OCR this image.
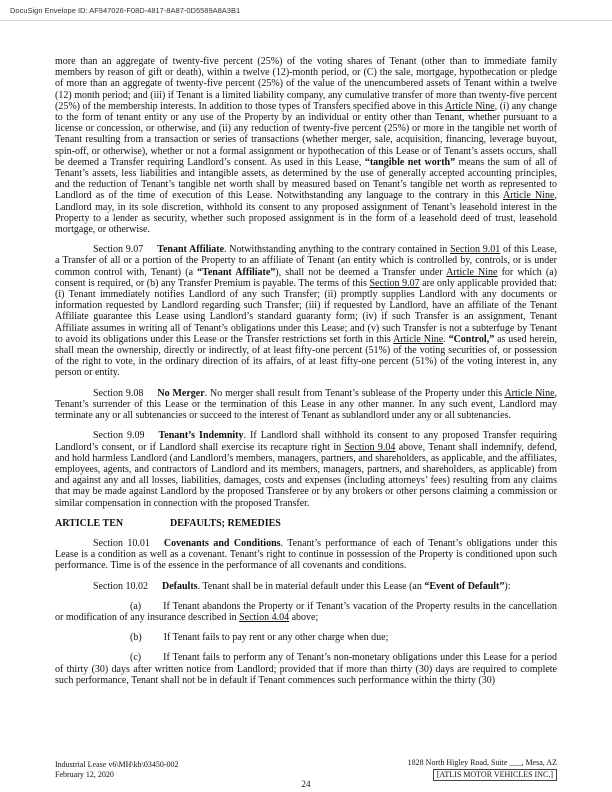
DocuSign Envelope ID: AF947026-F08D-4817-8A87-0D5589A8A3B1

more than an aggregate of twenty-five percent (25%) of the voting shares of Tenant (other than to immediate family members by reason of gift or death), within a twelve (12)-month period, or (C) the sale, mortgage, hypothecation or pledge of more than an aggregate of twenty-five percent (25%) of the value of the unencumbered assets of Tenant within a twelve (12) month period; and (iii) if Tenant is a limited liability company, any cumulative transfer of more than twenty-five percent (25%) of the membership interests. In addition to those types of Transfers specified above in this Article Nine, (i) any change to the form of tenant entity or any use of the Property by an individual or entity other than Tenant, whether pursuant to a license or concession, or otherwise, and (ii) any reduction of twenty-five percent (25%) or more in the tangible net worth of Tenant resulting from a transaction or series of transactions (whether merger, sale, acquisition, financing, leverage buyout, spin-off, or otherwise), whether or not a formal assignment or hypothecation of this Lease or of Tenant’s assets occurs, shall be deemed a Transfer requiring Landlord’s consent. As used in this Lease, “tangible net worth” means the sum of all of Tenant’s assets, less liabilities and intangible assets, as determined by the use of generally accepted accounting principles, and the reduction of Tenant’s tangible net worth shall by measured based on Tenant’s tangible net worth as represented to Landlord as of the time of execution of this Lease. Notwithstanding any language to the contrary in this Article Nine, Landlord may, in its sole discretion, withhold its consent to any proposed assignment of Tenant’s leasehold interest in the Property to a lender as security, whether such proposed assignment is in the form of a leasehold deed of trust, leasehold mortgage, or otherwise.

Section 9.07 Tenant Affiliate. Notwithstanding anything to the contrary contained in Section 9.01 of this Lease, a Transfer of all or a portion of the Property to an affiliate of Tenant (an entity which is controlled by, controls, or is under common control with, Tenant) (a “Tenant Affiliate”), shall not be deemed a Transfer under Article Nine for which (a) consent is required, or (b) any Transfer Premium is payable. The terms of this Section 9.07 are only applicable provided that: (i) Tenant immediately notifies Landlord of any such Transfer; (ii) promptly supplies Landlord with any documents or information requested by Landlord regarding such Transfer; (iii) if requested by Landlord, have an affiliate of the Tenant Affiliate guarantee this Lease using Landlord’s standard guaranty form; (iv) if such Transfer is an assignment, Tenant Affiliate assumes in writing all of Tenant’s obligations under this Lease; and (v) such Transfer is not a subterfuge by Tenant to avoid its obligations under this Lease or the Transfer restrictions set forth in this Article Nine. “Control,” as used herein, shall mean the ownership, directly or indirectly, of at least fifty-one percent (51%) of the voting securities of, or possession of the right to vote, in the ordinary direction of its affairs, of at least fifty-one percent (51%) of the voting interest in, any person or entity.

Section 9.08 No Merger. No merger shall result from Tenant’s sublease of the Property under this Article Nine, Tenant’s surrender of this Lease or the termination of this Lease in any other manner. In any such event, Landlord may terminate any or all subtenancies or succeed to the interest of Tenant as sublandlord under any or all subtenancies.

Section 9.09 Tenant’s Indemnity. If Landlord shall withhold its consent to any proposed Transfer requiring Landlord’s consent, or if Landlord shall exercise its recapture right in Section 9.04 above, Tenant shall indemnify, defend, and hold harmless Landlord (and Landlord’s members, managers, partners, and shareholders, as applicable, and the affiliates, employees, agents, and contractors of Landlord and its members, managers, partners, and shareholders, as applicable) from and against any and all losses, liabilities, damages, costs and expenses (including attorneys’ fees) resulting from any claims that may be made against Landlord by the proposed Transferee or by any brokers or other persons claiming a commission or similar compensation in connection with the proposed Transfer.

ARTICLE TEN	DEFAULTS; REMEDIES

Section 10.01 Covenants and Conditions. Tenant’s performance of each of Tenant’s obligations under this Lease is a condition as well as a covenant. Tenant’s right to continue in possession of the Property is conditioned upon such performance. Time is of the essence in the performance of all covenants and conditions.

Section 10.02 Defaults. Tenant shall be in material default under this Lease (an “Event of Default”):

(a) If Tenant abandons the Property or if Tenant’s vacation of the Property results in the cancellation or modification of any insurance described in Section 4.04 above;

(b) If Tenant fails to pay rent or any other charge when due;

(c) If Tenant fails to perform any of Tenant’s non-monetary obligations under this Lease for a period of thirty (30) days after written notice from Landlord; provided that if more than thirty (30) days are required to complete such performance, Tenant shall not be in default if Tenant commences such performance within the thirty (30)

Industrial Lease v6\MH\kh\03450-002
February 12, 2020
1828 North Higley Road, Suite ___, Mesa, AZ
[ATLIS MOTOR VEHICLES INC.]
24
